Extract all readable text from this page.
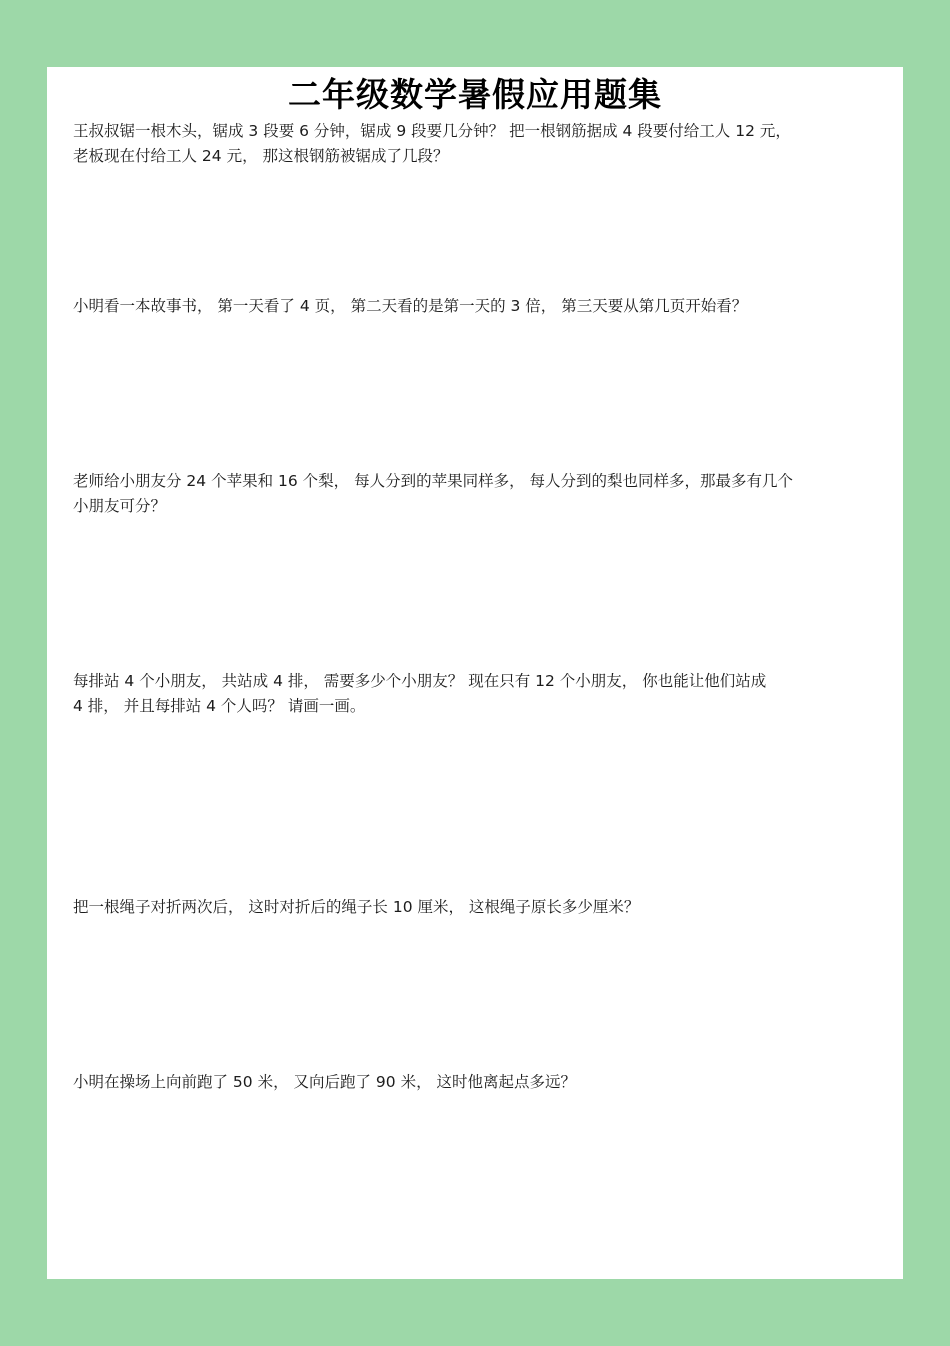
二年级数学暑假应用题集

王叔叔锯一根木头，锯成 3 段要 6 分钟，锯成 9 段要几分钟？ 把一根钢筋据成 4 段要付给工人 12 元，
老板现在付给工人 24 元， 那这根钢筋被锯成了几段？

小明看一本故事书， 第一天看了 4 页， 第二天看的是第一天的 3 倍， 第三天要从第几页开始看？

老师给小朋友分 24 个苹果和 16 个梨， 每人分到的苹果同样多， 每人分到的梨也同样多，那最多有几个
小朋友可分？

每排站 4 个小朋友， 共站成 4 排， 需要多少个小朋友？ 现在只有 12 个小朋友， 你也能让他们站成
4 排， 并且每排站 4 个人吗？ 请画一画。

把一根绳子对折两次后， 这时对折后的绳子长 10 厘米， 这根绳子原长多少厘米？

小明在操场上向前跑了 50 米， 又向后跑了 90 米， 这时他离起点多远？
